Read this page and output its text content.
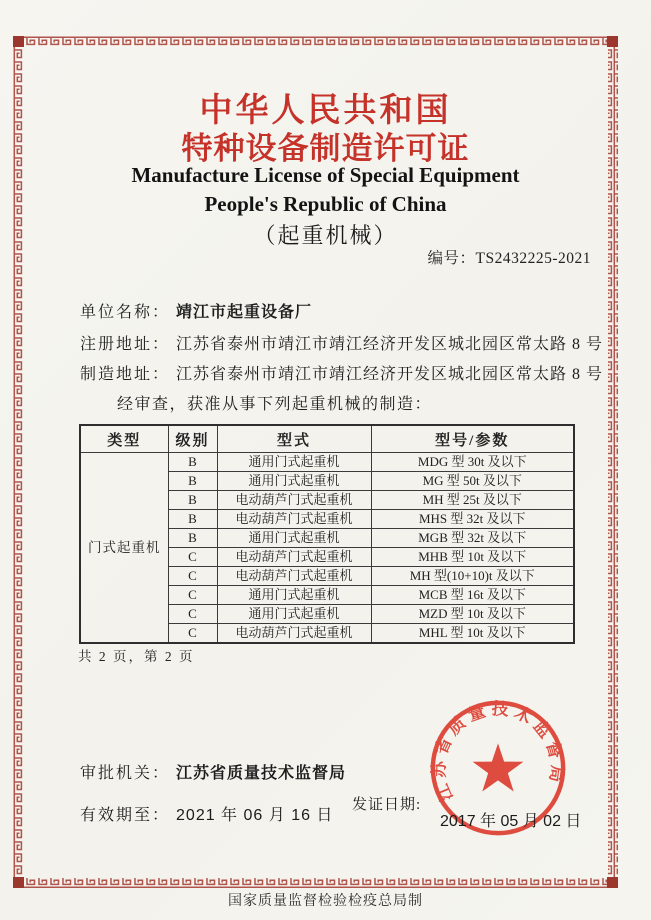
中华人民共和国
特种设备制造许可证
Manufacture License of Special Equipment
People's Republic of China
（起重机械）
编号：TS2432225-2021
单位名称： 靖江市起重设备厂
注册地址： 江苏省泰州市靖江市靖江经济开发区城北园区常太路 8 号
制造地址： 江苏省泰州市靖江市靖江经济开发区城北园区常太路 8 号
经审查，获准从事下列起重机械的制造：
类型	级别	型式	型号/参数
门式起重机	B	通用门式起重机	MDG 型 30t 及以下
	B	通用门式起重机	MG 型 50t 及以下
	B	电动葫芦门式起重机	MH 型 25t 及以下
	B	电动葫芦门式起重机	MHS 型 32t 及以下
	B	通用门式起重机	MGB 型 32t 及以下
	C	电动葫芦门式起重机	MHB 型 10t 及以下
	C	电动葫芦门式起重机	MH 型(10+10)t 及以下
	C	通用门式起重机	MCB 型 16t 及以下
	C	通用门式起重机	MZD 型 10t 及以下
	C	电动葫芦门式起重机	MHL 型 10t 及以下
共 2 页，第 2 页
审批机关： 江苏省质量技术监督局
有效期至： 2021 年 06 月 16 日
发证日期:
2017 年 05 月 02 日
江苏省质量技术监督局
国家质量监督检验检疫总局制
